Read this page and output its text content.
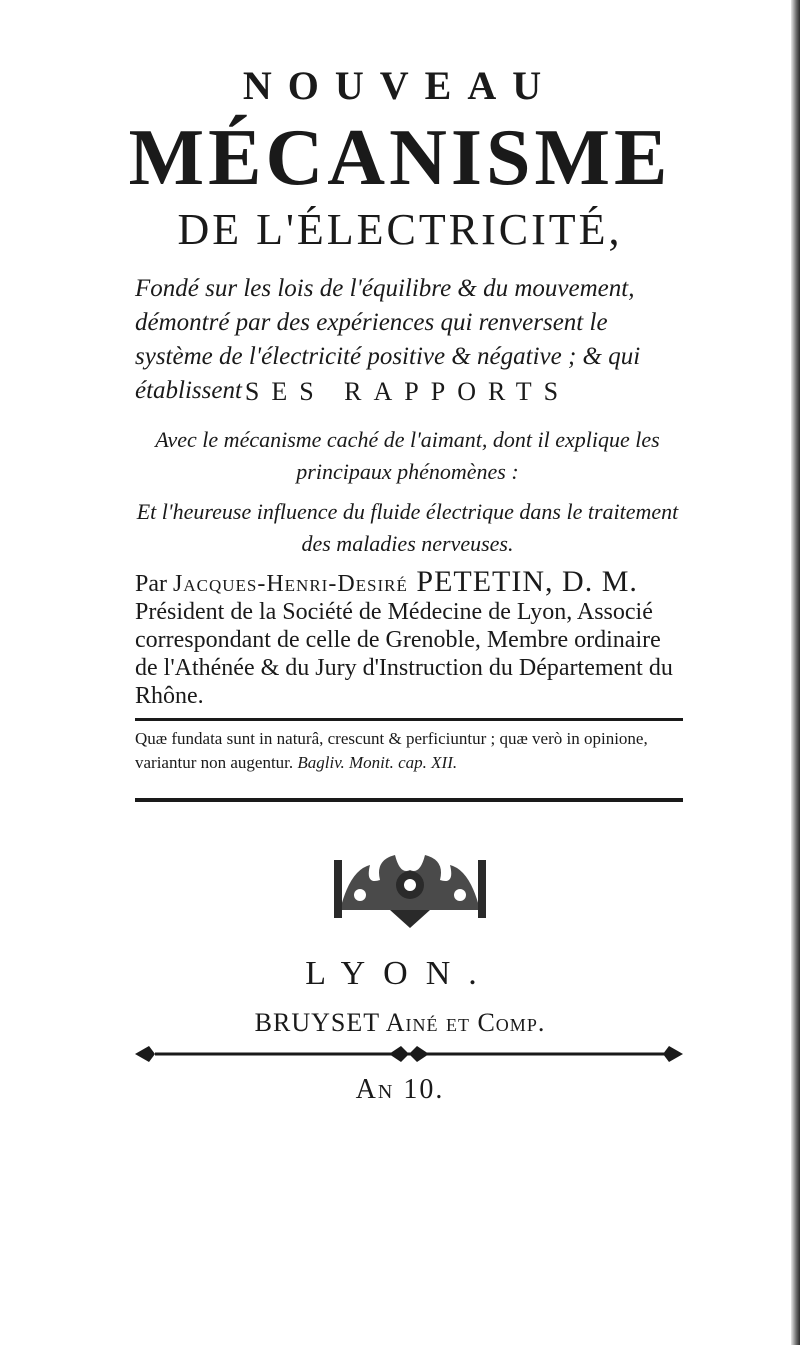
NOUVEAU
MÉCANISME
DE L'ÉLECTRICITÉ,
Fondé sur les lois de l'équilibre & du mouvement, démontré par des expériences qui renversent le système de l'électricité positive & négative ; & qui établissent SES RAPPORTS
Avec le mécanisme caché de l'aimant, dont il explique les principaux phénomènes :
Et l'heureuse influence du fluide électrique dans le traitement des maladies nerveuses.
Par Jacques-Henri-Desiré PETETIN, D. M. Président de la Société de Médecine de Lyon, Associé correspondant de celle de Grenoble, Membre ordinaire de l'Athénée & du Jury d'Instruction du Département du Rhône.
Quæ fundata sunt in naturâ, crescunt & perficiuntur ; quæ verò in opinione, variantur non augentur. Bagliv. Monit. cap. XII.
LYON.
BRUYSET Ainé et Comp.
An 10.
